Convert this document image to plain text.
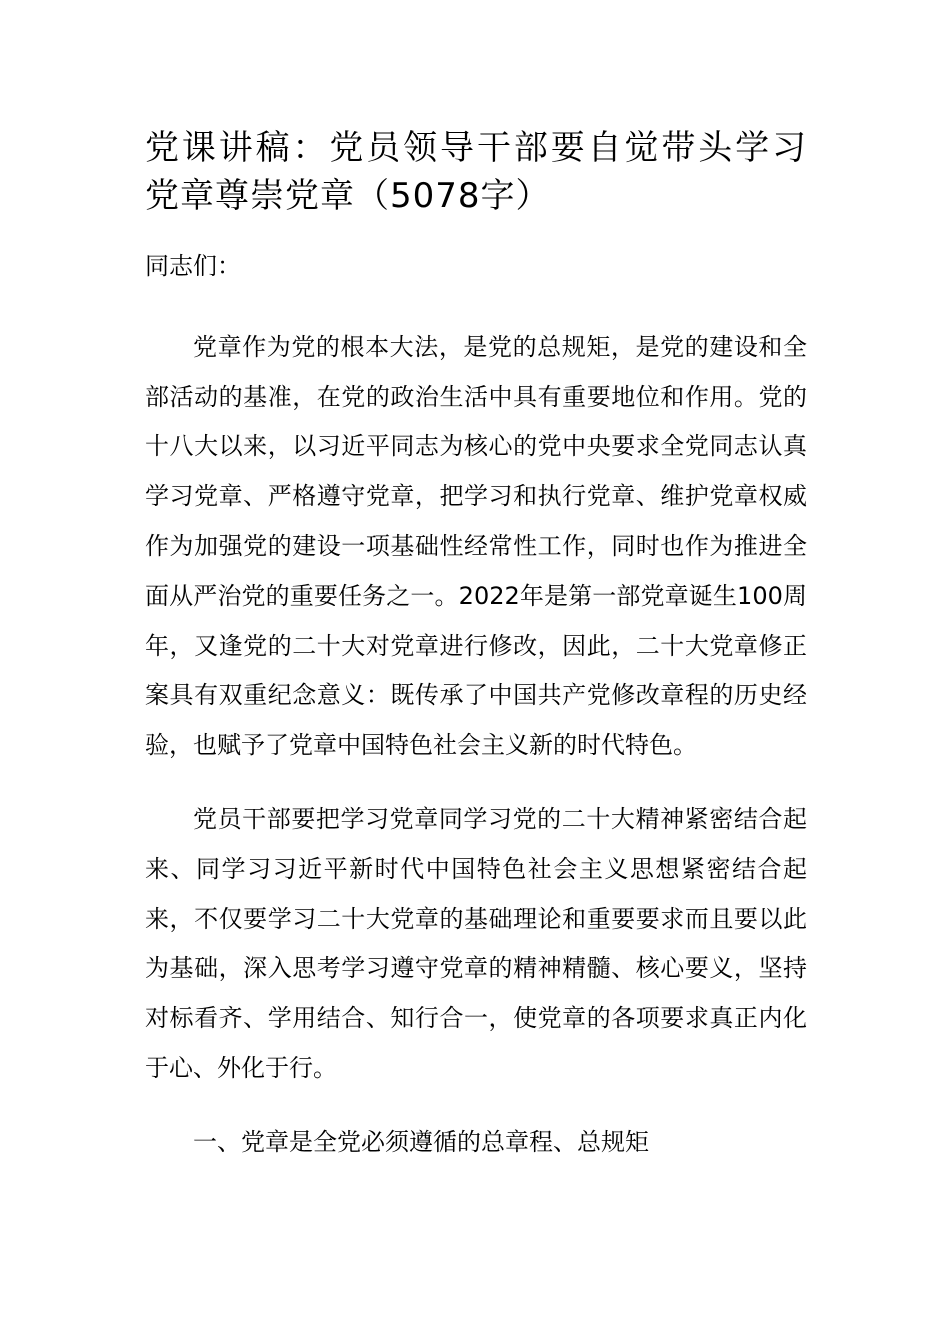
党课讲稿：党员领导干部要自觉带头学习党章尊崇党章（5078字）

同志们：

党章作为党的根本大法，是党的总规矩，是党的建设和全部活动的基准，在党的政治生活中具有重要地位和作用。党的十八大以来，以习近平同志为核心的党中央要求全党同志认真学习党章、严格遵守党章，把学习和执行党章、维护党章权威作为加强党的建设一项基础性经常性工作，同时也作为推进全面从严治党的重要任务之一。2022年是第一部党章诞生100周年，又逢党的二十大对党章进行修改，因此，二十大党章修正案具有双重纪念意义：既传承了中国共产党修改章程的历史经验，也赋予了党章中国特色社会主义新的时代特色。

党员干部要把学习党章同学习党的二十大精神紧密结合起来、同学习习近平新时代中国特色社会主义思想紧密结合起来，不仅要学习二十大党章的基础理论和重要要求而且要以此为基础，深入思考学习遵守党章的精神精髓、核心要义，坚持对标看齐、学用结合、知行合一，使党章的各项要求真正内化于心、外化于行。

一、党章是全党必须遵循的总章程、总规矩
